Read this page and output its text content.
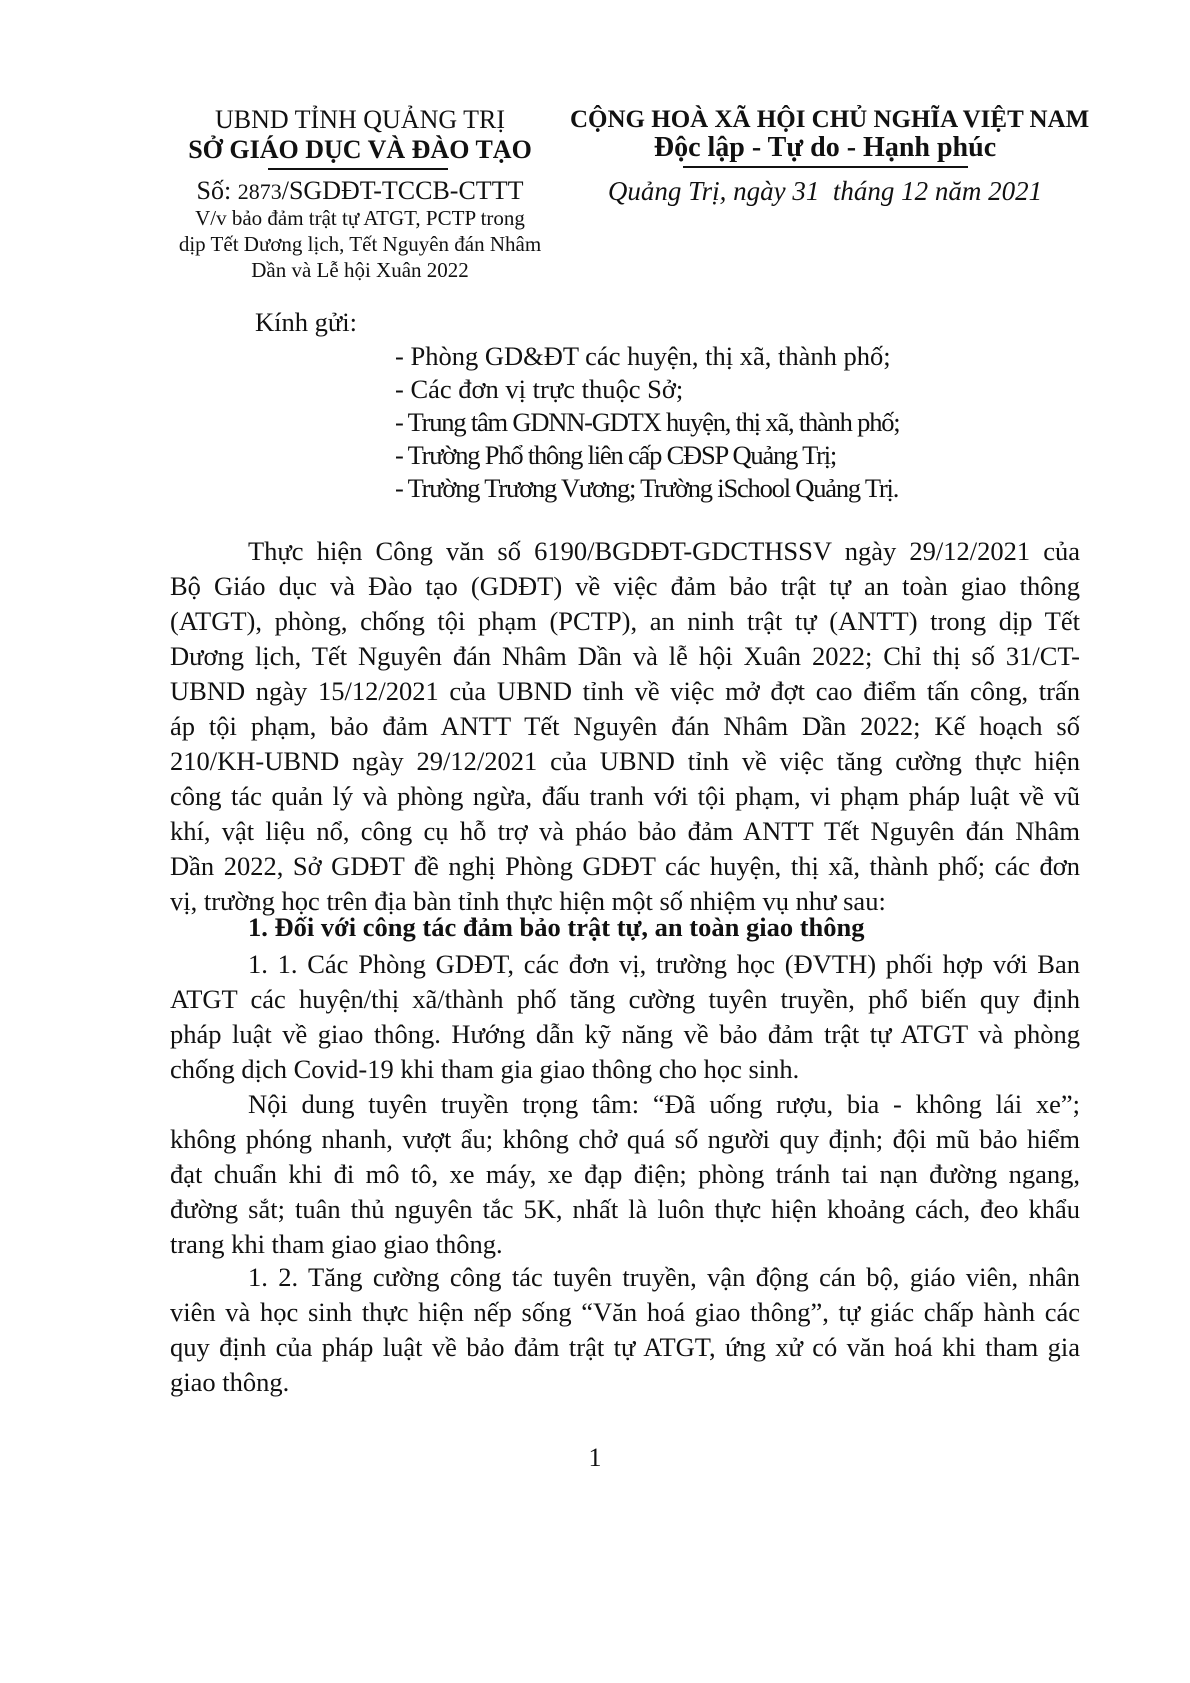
UBND TỈNH QUẢNG TRỊ
SỞ GIÁO DỤC VÀ ĐÀO TẠO
Số: 2873/SGDĐT-TCCB-CTTT
V/v bảo đảm trật tự ATGT, PCTP trong
dịp Tết Dương lịch, Tết Nguyên đán Nhâm
Dần và Lễ hội Xuân 2022
CỘNG HOÀ XÃ HỘI CHỦ NGHĨA VIỆT NAM
Độc lập - Tự do - Hạnh phúc
Quảng Trị, ngày 31 tháng 12 năm 2021
Kính gửi:
- Phòng GD&ĐT các huyện, thị xã, thành phố;
- Các đơn vị trực thuộc Sở;
- Trung tâm GDNN-GDTX huyện, thị xã, thành phố;
- Trường Phổ thông liên cấp CĐSP Quảng Trị;
- Trường Trương Vương; Trường iSchool Quảng Trị.
Thực hiện Công văn số 6190/BGDĐT-GDCTHSSV ngày 29/12/2021 của
Bộ Giáo dục và Đào tạo (GDĐT) về việc đảm bảo trật tự an toàn giao thông
(ATGT), phòng, chống tội phạm (PCTP), an ninh trật tự (ANTT) trong dịp Tết
Dương lịch, Tết Nguyên đán Nhâm Dần và lễ hội Xuân 2022; Chỉ thị số 31/CT-
UBND ngày 15/12/2021 của UBND tỉnh về việc mở đợt cao điểm tấn công, trấn
áp tội phạm, bảo đảm ANTT Tết Nguyên đán Nhâm Dần 2022; Kế hoạch số
210/KH-UBND ngày 29/12/2021 của UBND tỉnh về việc tăng cường thực hiện
công tác quản lý và phòng ngừa, đấu tranh với tội phạm, vi phạm pháp luật về vũ
khí, vật liệu nổ, công cụ hỗ trợ và pháo bảo đảm ANTT Tết Nguyên đán Nhâm
Dần 2022, Sở GDĐT đề nghị Phòng GDĐT các huyện, thị xã, thành phố; các đơn
vị, trường học trên địa bàn tỉnh thực hiện một số nhiệm vụ như sau:
1. Đối với công tác đảm bảo trật tự, an toàn giao thông
1. 1. Các Phòng GDĐT, các đơn vị, trường học (ĐVTH) phối hợp với Ban
ATGT các huyện/thị xã/thành phố tăng cường tuyên truyền, phổ biến quy định
pháp luật về giao thông. Hướng dẫn kỹ năng về bảo đảm trật tự ATGT và phòng
chống dịch Covid-19 khi tham gia giao thông cho học sinh.
Nội dung tuyên truyền trọng tâm: “Đã uống rượu, bia - không lái xe”;
không phóng nhanh, vượt ẩu; không chở quá số người quy định; đội mũ bảo hiểm
đạt chuẩn khi đi mô tô, xe máy, xe đạp điện; phòng tránh tai nạn đường ngang,
đường sắt; tuân thủ nguyên tắc 5K, nhất là luôn thực hiện khoảng cách, đeo khẩu
trang khi tham giao giao thông.
1. 2. Tăng cường công tác tuyên truyền, vận động cán bộ, giáo viên, nhân
viên và học sinh thực hiện nếp sống “Văn hoá giao thông”, tự giác chấp hành các
quy định của pháp luật về bảo đảm trật tự ATGT, ứng xử có văn hoá khi tham gia
giao thông.
1
